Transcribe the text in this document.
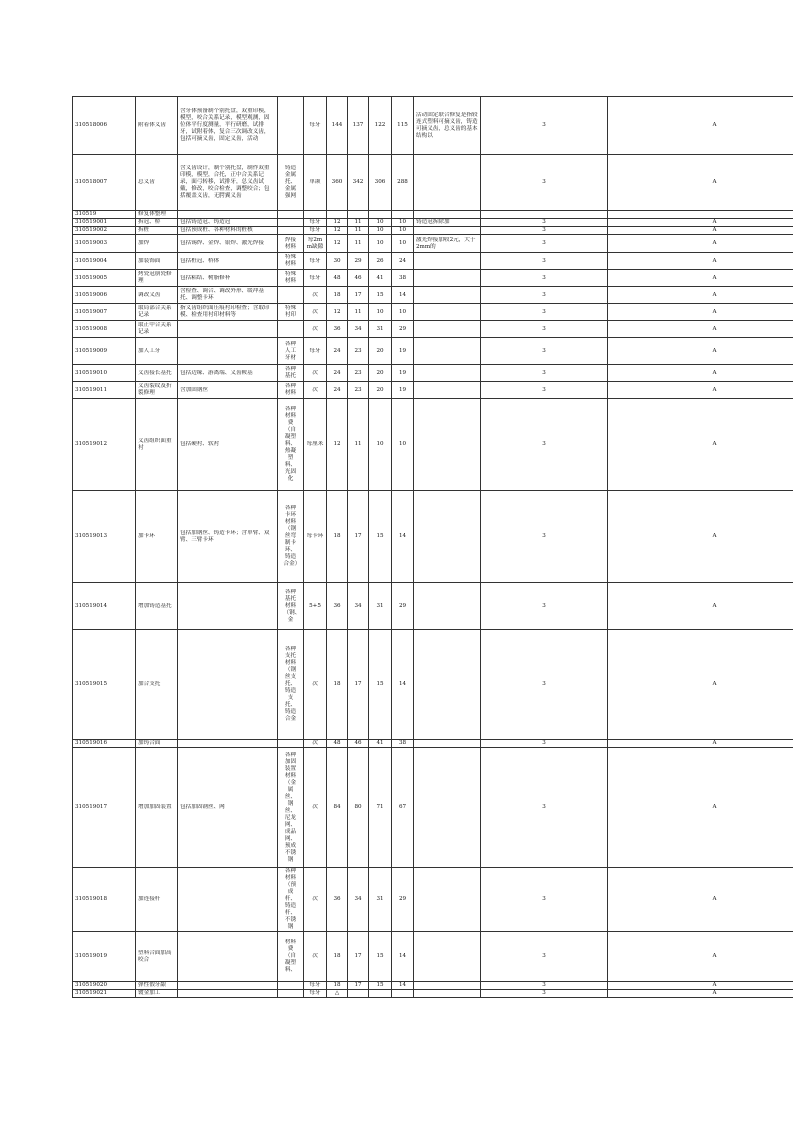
310518006	附着体义齿	含牙体预备制个别托盘，双重印模，模型，咬合关系记录，模型观测，固位体平行度测量，平行研磨，试排牙，试附着体，复合三次调改义齿，包括可摘义齿，固定义齿，活动		每牙	144	137	122	115	活动固定联合修复是指较连式塑料可摘义齿，铸造可摘义齿，总义齿的基本结构以	3	A

310518007	总义齿	含义齿设计，制个别托盘，制作双重印模，模型，合托，正中合关系记录，面弓转移，试排牙，总义齿试戴，修改，咬合检查，调整咬合；包括覆盖义齿，无腭翼义齿	铸造金属托、金属强网	单颌	360	342	306	288		3	A

310519	修复体整理										

310519001	拆冠、桥	包括铸造冠、铸造冠		每牙	12	11	10	10	铸造冠拆除加	3	A

310519002	拆桩	包括预成桩、各种材料的桩核		每牙	12	11	10	10		3	A

310519003	加焊	包括锡焊、金焊、银焊、激光焊接	焊接材料	每2mm缺隙	12	11	10	10	激光焊接加收2元，大于2mm的	3	A

310519004	加装饰面	包括桩冠、桥体	特殊材料	每牙	30	29	26	24		3	A

310519005	烤瓷冠崩瓷修理	包括粘结、树脂修补	特殊材料	每牙	48	46	41	38		3	A

310519006	调改义齿	含检查、调合、调改外形、缓冲基托、调整卡环		次	18	17	15	14		3	A

310519007	取局部合关系记录	指义齿组织面压痕衬印检查；含取印模、检查用衬印材料等	特殊衬印	次	12	11	10	10		3	A

310519008	取正中合关系记录			次	36	34	31	29		3	A

310519009	加人工牙		各种人工牙材	每牙	24	23	20	19		3	A

310519010	义齿接长基托	包括边缘、游离端、义齿鞍基	各种基托	次	24	23	20	19		3	A

310519011	义齿裂纹及折裂修理	含加固钢丝	各种材料	次	24	23	20	19		3	A

310519012	义齿组织面重衬	包括硬衬、软衬	各种材料费（自凝塑料、热凝塑料、光固化	每厘米	12	11	10	10		3	A

310519013	加卡环	包括加钢丝、铸造卡环；含单臂、双臂、三臂卡环	各种卡环材料（钢丝弯制卡环、铸造合金）	每卡环	18	17	15	14		3	A

310519014	增加铸造基托		各种基托材料（钢、金	5+5	36	34	31	29		3	A

310519015	加合支托		各种支托材料（钢丝支托、铸造支托、铸造合金	次	18	17	15	14		3	A

310519016	加铸合面			次	48	46	41	38		3	A

310519017	增加加固装置	包括加固钢丝、网	各种加固装置材料（金属丝、钢丝、尼龙网、成品网、预成不锈钢	次	84	80	71	67		3	A

310519018	加连接杆		各种材料（预成杆、铸造杆、不锈钢	次	36	34	31	29		3	A

310519019	塑料合面加高咬合		材料费（自凝塑料、	次	18	17	15	14		3	A

310519020	弹性假牙龈			每牙	18	17	15	14		3	A

310519021	镀金加工			每牙	△					3	A
